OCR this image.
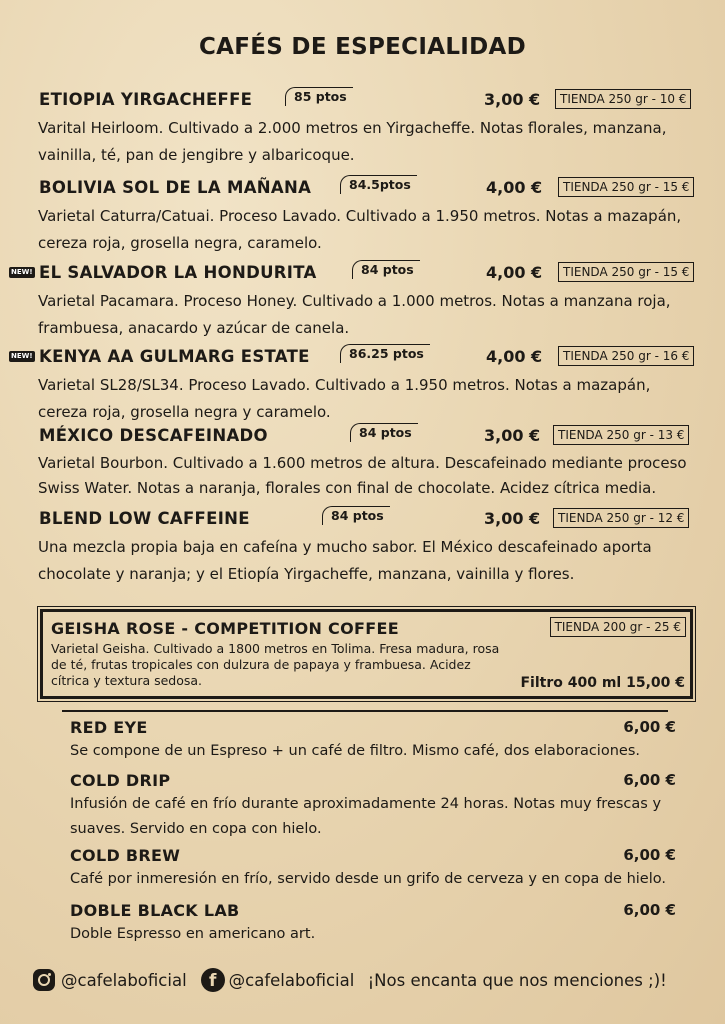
CAFÉS DE ESPECIALIDAD
ETIOPIA YIRGACHEFFE	85 ptos	3,00 €	TIENDA 250 gr - 10 €
Varital Heirloom. Cultivado a 2.000 metros en Yirgacheffe. Notas florales, manzana, vainilla, té, pan de jengibre y albaricoque.
BOLIVIA SOL DE LA MAÑANA	84.5ptos	4,00 €	TIENDA 250 gr - 15 €
Varietal Caturra/Catuai. Proceso Lavado. Cultivado a 1.950 metros. Notas a mazapán, cereza roja, grosella negra, caramelo.
NEW! EL SALVADOR LA HONDURITA	84 ptos	4,00 €	TIENDA 250 gr - 15 €
Varietal Pacamara. Proceso Honey. Cultivado a 1.000 metros. Notas a manzana roja, frambuesa, anacardo y azúcar de canela.
NEW! KENYA AA GULMARG ESTATE	86.25 ptos	4,00 €	TIENDA 250 gr - 16 €
Varietal SL28/SL34. Proceso Lavado. Cultivado a 1.950 metros. Notas a mazapán, cereza roja, grosella negra y caramelo.
MÉXICO DESCAFEINADO	84 ptos	3,00 €	TIENDA 250 gr - 13 €
Varietal Bourbon. Cultivado a 1.600 metros de altura. Descafeinado mediante proceso Swiss Water. Notas a naranja, florales con final de chocolate. Acidez cítrica media.
BLEND LOW CAFFEINE	84 ptos	3,00 €	TIENDA 250 gr - 12 €
Una mezcla propia baja en cafeína y mucho sabor. El México descafeinado aporta chocolate y naranja; y el Etiopía Yirgacheffe, manzana, vainilla y flores.
GEISHA ROSE - COMPETITION COFFEE	TIENDA 200 gr - 25 €
Varietal Geisha. Cultivado a 1800 metros en Tolima. Fresa madura, rosa de té, frutas tropicales con dulzura de papaya y frambuesa. Acidez cítrica y textura sedosa.	Filtro 400 ml 15,00 €
RED EYE	6,00 €
Se compone de un Espreso + un café de filtro. Mismo café, dos elaboraciones.
COLD DRIP	6,00 €
Infusión de café en frío durante aproximadamente 24 horas. Notas muy frescas y suaves. Servido en copa con hielo.
COLD BREW	6,00 €
Café por inmeresión en frío, servido desde un grifo de cerveza y en copa de hielo.
DOBLE BLACK LAB	6,00 €
Doble Espresso en americano art.
@cafelaboficial f @cafelaboficial ¡Nos encanta que nos menciones ;)!
